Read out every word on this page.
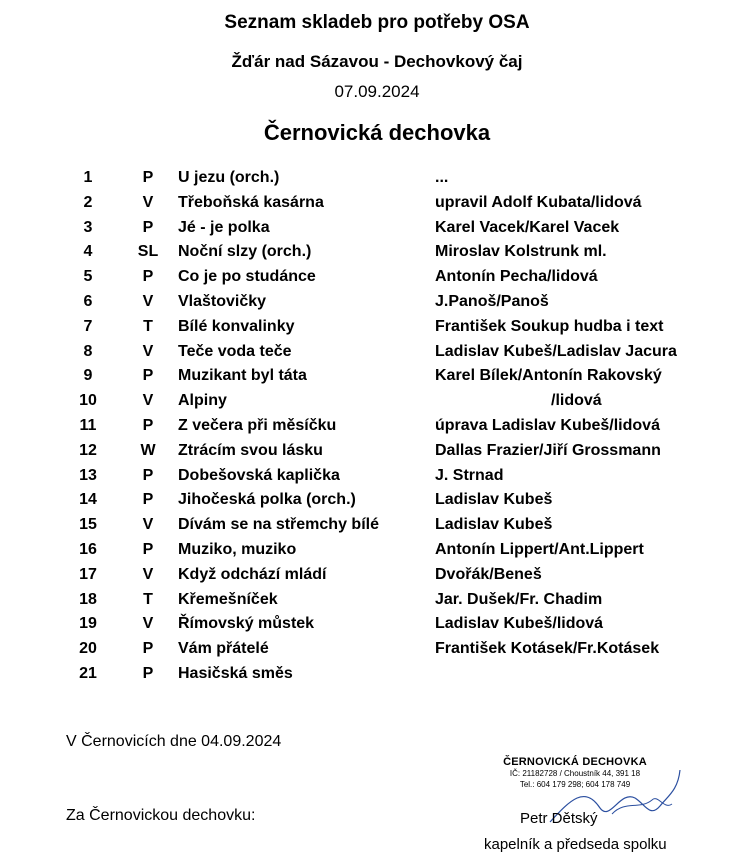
Seznam skladeb pro potřeby OSA
Žďár nad Sázavou - Dechovkový čaj
07.09.2024
Černovická dechovka
1	P	U jezu (orch.)	...
2	V	Třeboňská kasárna	upravil Adolf Kubata/lidová
3	P	Jé - je polka	Karel Vacek/Karel Vacek
4	SL	Noční slzy (orch.)	Miroslav Kolstrunk ml.
5	P	Co je po studánce	Antonín Pecha/lidová
6	V	Vlaštovičky	J.Panoš/Panoš
7	T	Bílé konvalinky	František Soukup hudba i text
8	V	Teče voda teče	Ladislav Kubeš/Ladislav Jacura
9	P	Muzikant byl táta	Karel Bílek/Antonín Rakovský
10	V	Alpiny	/lidová
11	P	Z večera při měsíčku	úprava Ladislav Kubeš/lidová
12	W	Ztrácím svou lásku	Dallas Frazier/Jiří Grossmann
13	P	Dobešovská kaplička	J. Strnad
14	P	Jihočeská polka (orch.)	Ladislav Kubeš
15	V	Dívám se na střemchy bílé	Ladislav Kubeš
16	P	Muziko, muziko	Antonín Lippert/Ant.Lippert
17	V	Když odchází mládí	Dvořák/Beneš
18	T	Křemešníček	Jar. Dušek/Fr. Chadim
19	V	Římovský můstek	Ladislav Kubeš/lidová
20	P	Vám přátelé	František Kotásek/Fr.Kotásek
21	P	Hasičská směs
V Černovicích dne 04.09.2024
Za Černovickou dechovku:
ČERNOVICKÁ DECHOVKA
IČ: 21182728 / Choustník 44, 391 18
Tel.: 604 179 298; 604 178 749
Petr Dětský
kapelník a předseda spolku
